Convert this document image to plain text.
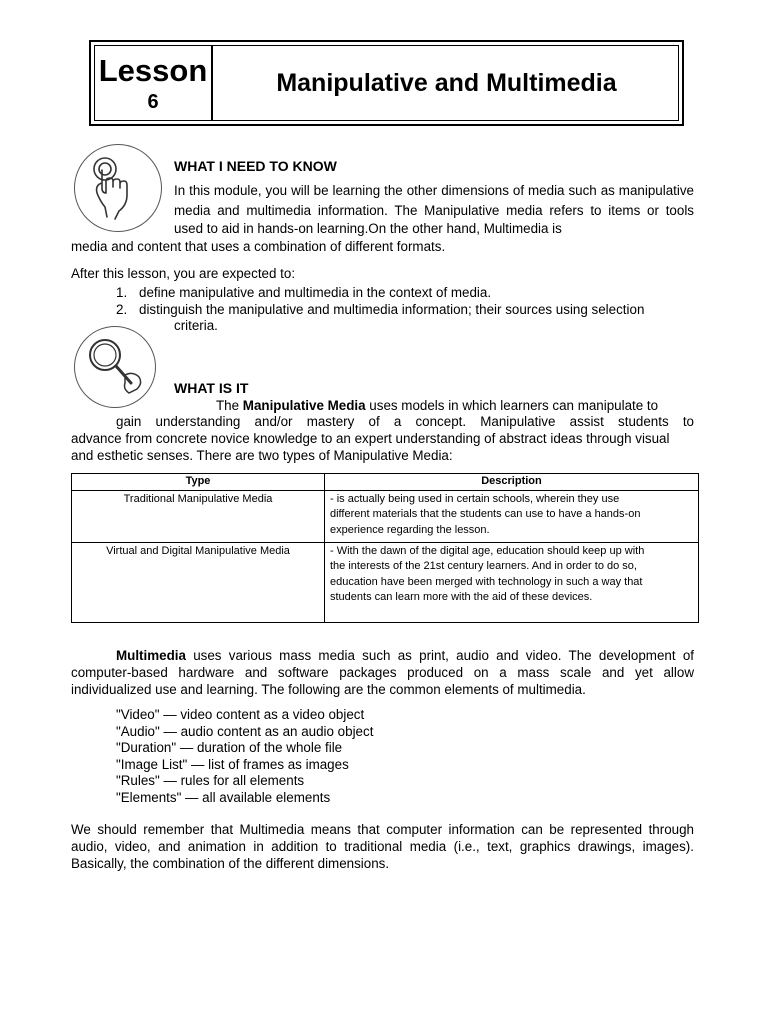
Lesson
6
Manipulative and Multimedia
WHAT I NEED TO KNOW
In this module, you will be learning the other dimensions of media such as manipulative
media and multimedia information. The Manipulative media refers to items or tools
used to aid in hands-on learning.On the other hand, Multimedia is
media and content that uses a combination of different formats.
After this lesson, you are expected to:
1. define manipulative and multimedia in the context of media.
2. distinguish the manipulative and multimedia information; their sources using selection
criteria.
WHAT IS IT
The Manipulative Media uses models in which learners can manipulate to
gain understanding and/or mastery of a concept. Manipulative assist students to
advance from concrete novice knowledge to an expert understanding of abstract ideas through visual
and esthetic senses. There are two types of Manipulative Media:
Type	Description
Traditional Manipulative Media	- is actually being used in certain schools, wherein they use
different materials that the students can use to have a hands-on
experience regarding the lesson.

Virtual and Digital Manipulative Media	- With the dawn of the digital age, education should keep up with
the interests of the 21st century learners. And in order to do so,
education have been merged with technology in such a way that
students can learn more with the aid of these devices.
Multimedia uses various mass media such as print, audio and video. The development of
computer-based hardware and software packages produced on a mass scale and yet allow
individualized use and learning. The following are the common elements of multimedia.
"Video" — video content as a video object
"Audio" — audio content as an audio object
"Duration" — duration of the whole file
"Image List" — list of frames as images
"Rules" — rules for all elements
"Elements" — all available elements
We should remember that Multimedia means that computer information can be represented through
audio, video, and animation in addition to traditional media (i.e., text, graphics drawings, images).
Basically, the combination of the different dimensions.
